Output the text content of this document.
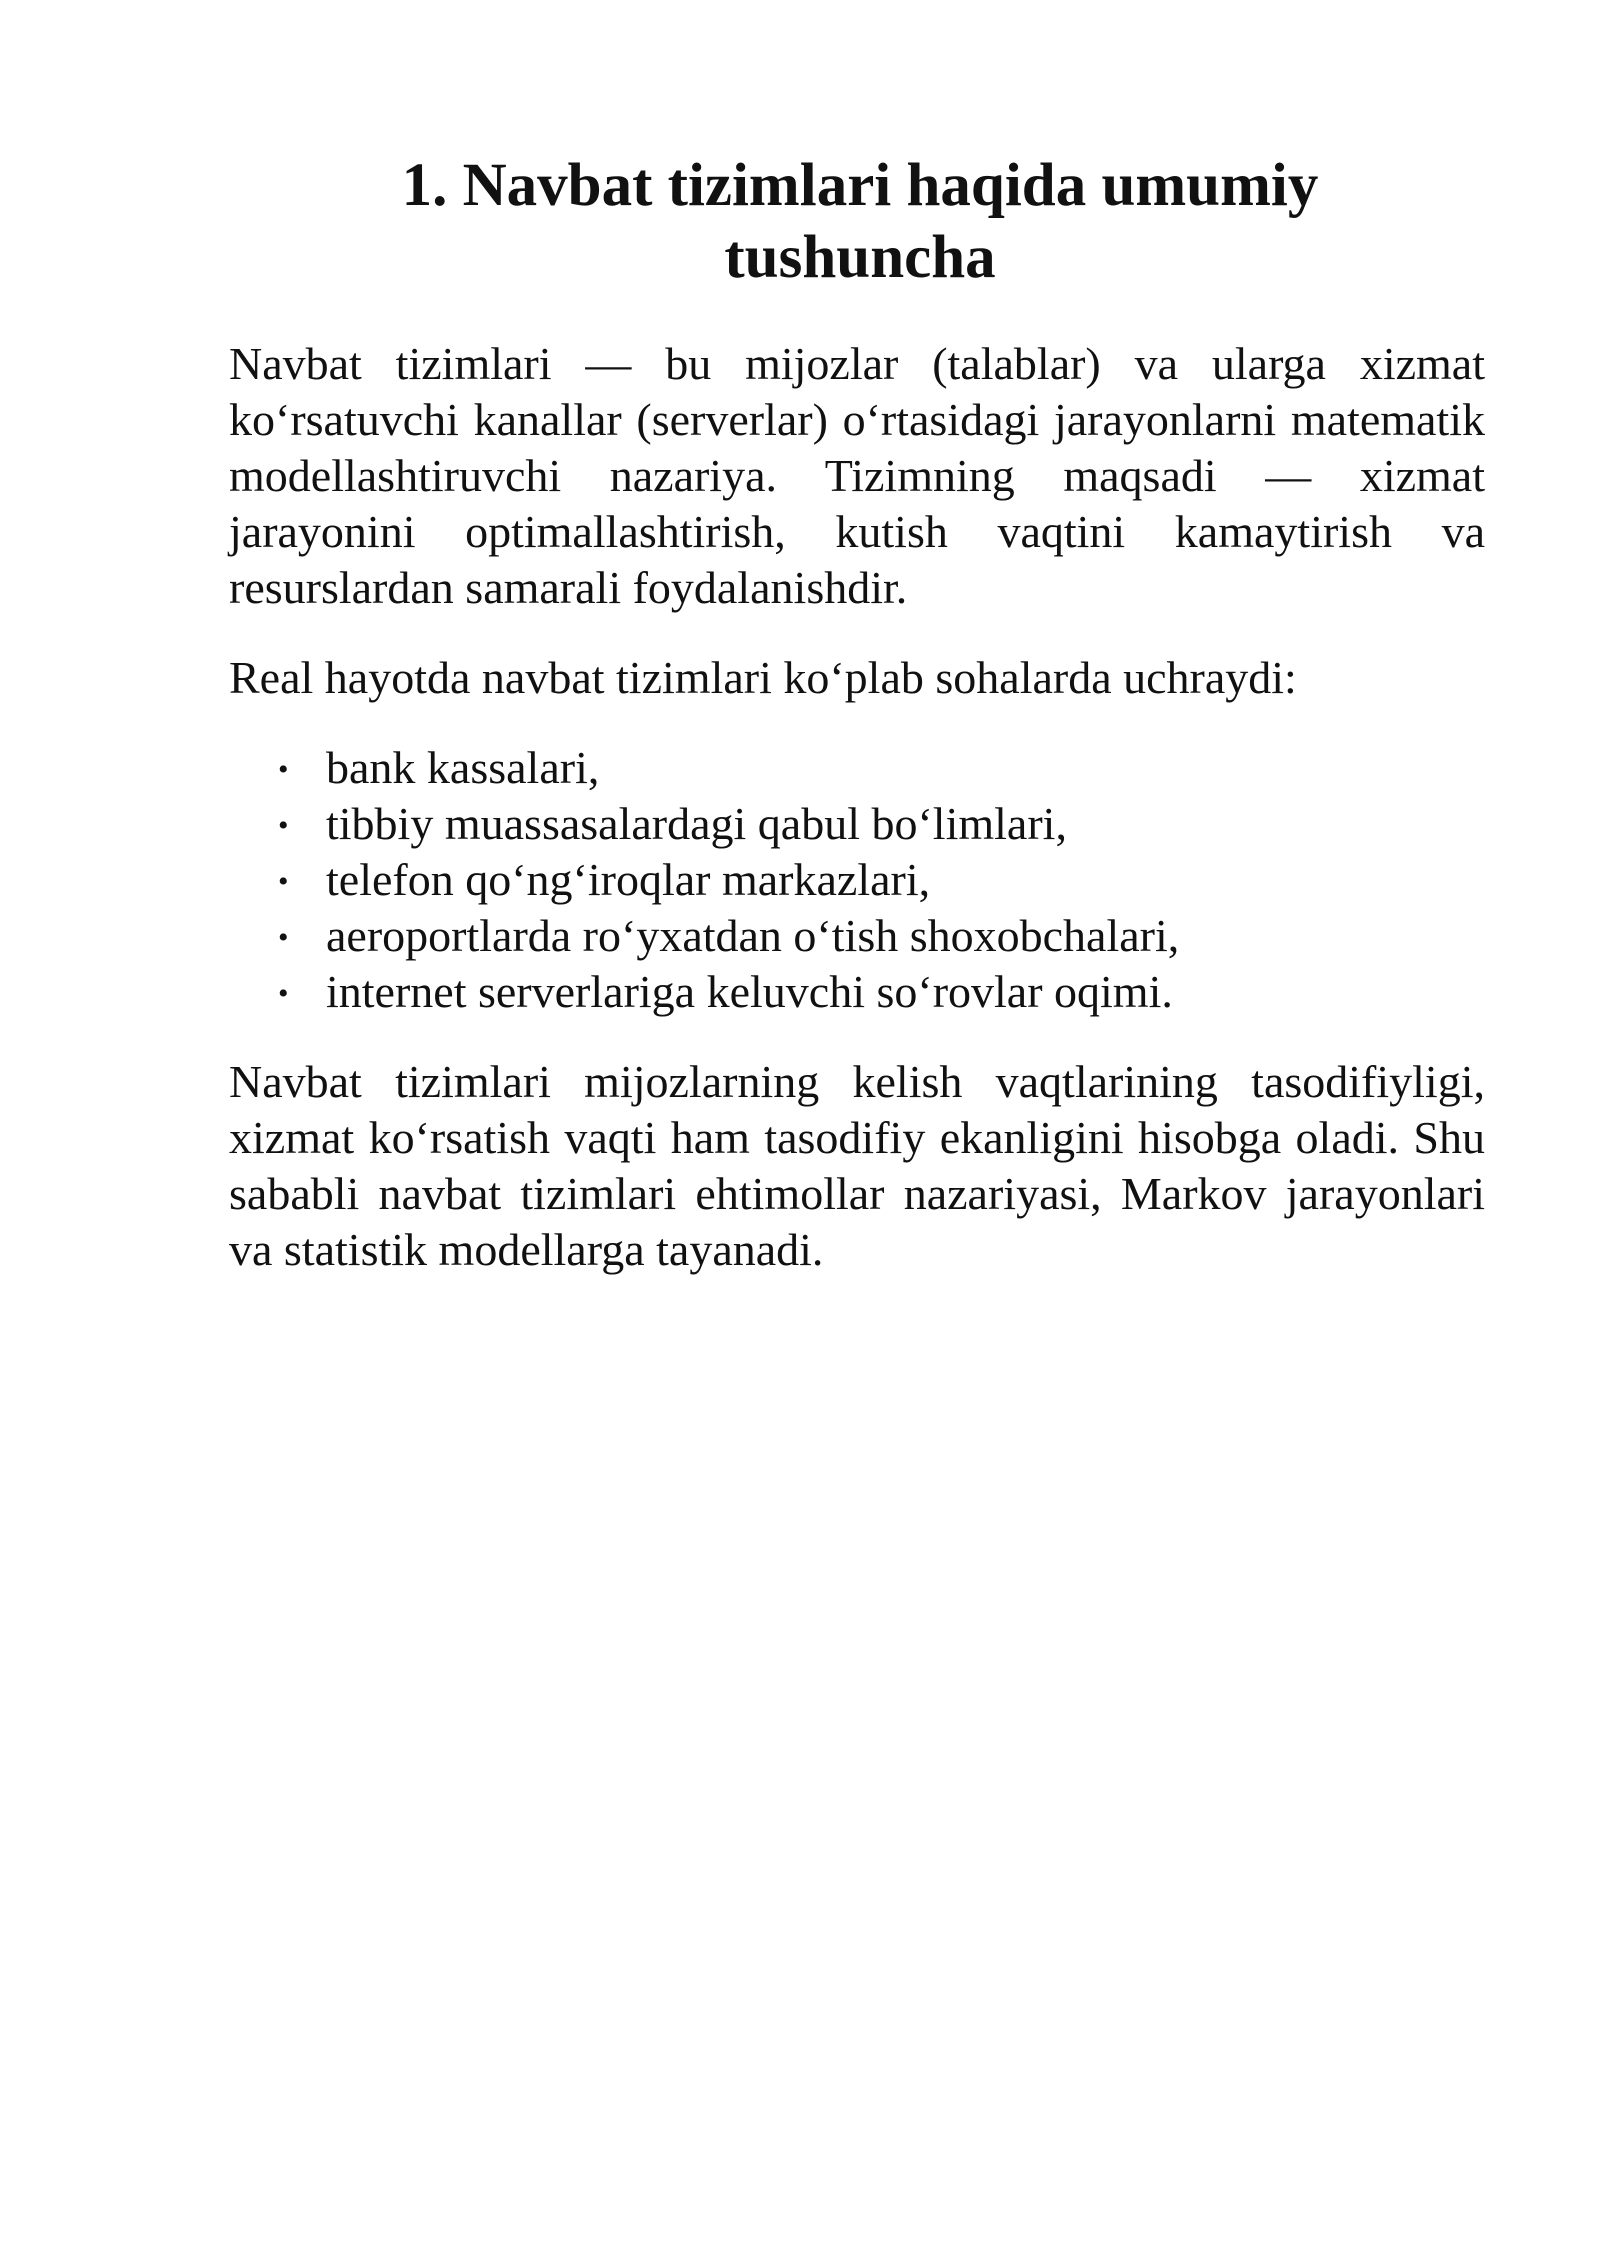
1. Navbat tizimlari haqida umumiy
tushuncha

Navbat tizimlari — bu mijozlar (talablar) va ularga xizmat ko‘rsatuvchi kanallar (serverlar) o‘rtasidagi jarayonlarni matematik modellashtiruvchi nazariya. Tizimning maqsadi — xizmat jarayonini optimallashtirish, kutish vaqtini kamaytirish va resurslardan samarali foydalanishdir.

Real hayotda navbat tizimlari ko‘plab sohalarda uchraydi:

• bank kassalari,
• tibbiy muassasalardagi qabul bo‘limlari,
• telefon qo‘ng‘iroqlar markazlari,
• aeroportlarda ro‘yxatdan o‘tish shoxobchalari,
• internet serverlariga keluvchi so‘rovlar oqimi.

Navbat tizimlari mijozlarning kelish vaqtlarining tasodifiyligi, xizmat ko‘rsatish vaqti ham tasodifiy ekanligini hisobga oladi. Shu sababli navbat tizimlari ehtimollar nazariyasi, Markov jarayonlari va statistik modellarga tayanadi.
